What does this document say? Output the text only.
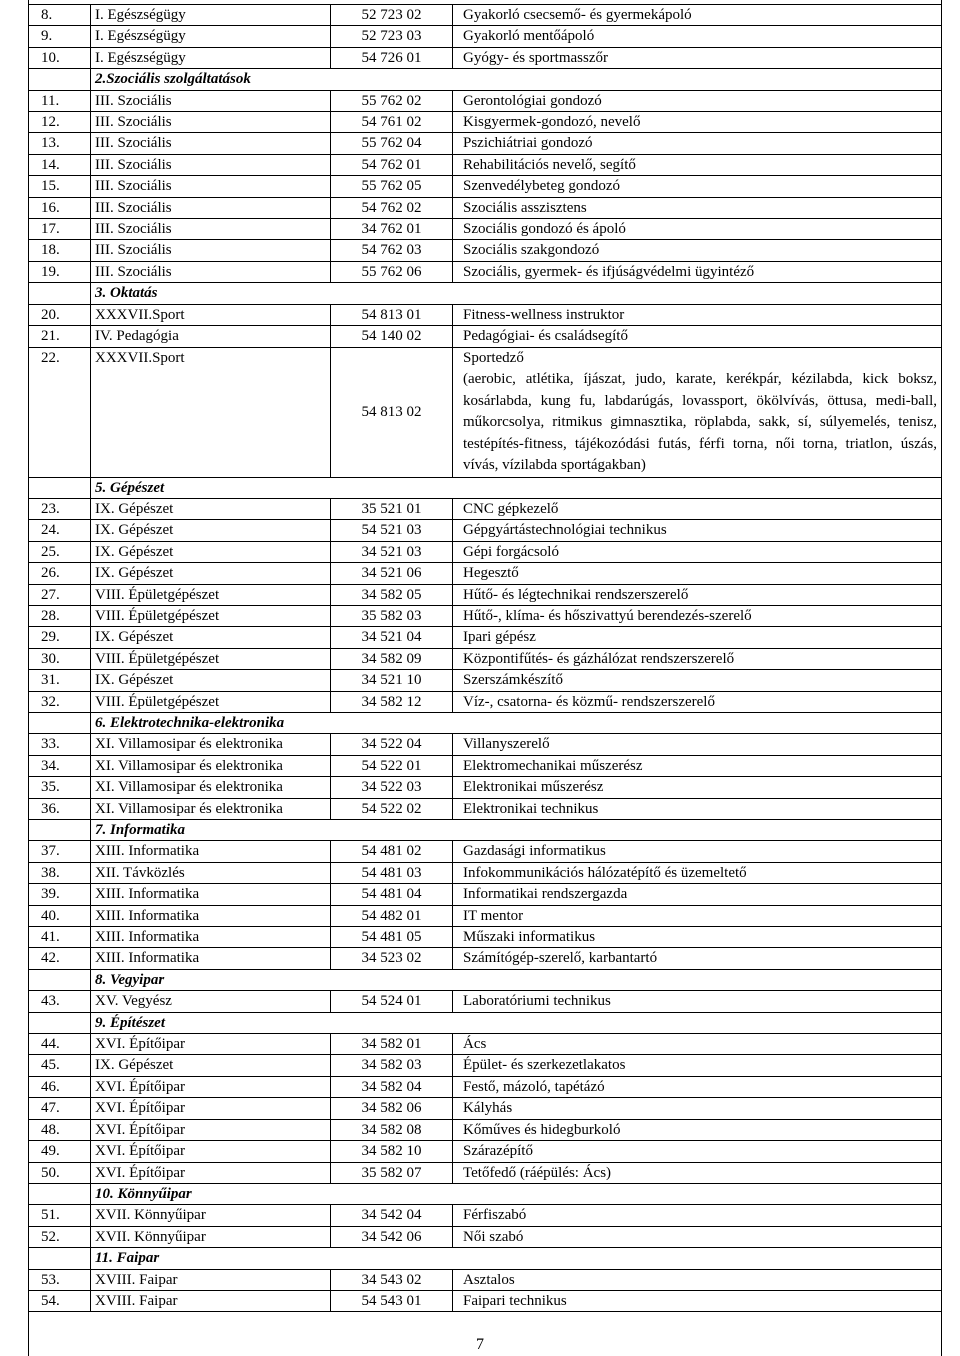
8.	I. Egészségügy	52 723 02	Gyakorló csecsemő- és gyermekápoló
9.	I. Egészségügy	52 723 03	Gyakorló mentőápoló
10.	I. Egészségügy	54 726 01	Gyógy- és sportmasszőr
	2.Szociális szolgáltatások		
11.	III. Szociális	55 762 02	Gerontológiai gondozó
12.	III. Szociális	54 761 02	Kisgyermek-gondozó, nevelő
13.	III. Szociális	55 762 04	Pszichiátriai gondozó
14.	III. Szociális	54 762 01	Rehabilitációs nevelő, segítő
15.	III. Szociális	55 762 05	Szenvedélybeteg gondozó
16.	III. Szociális	54 762 02	Szociális asszisztens
17.	III. Szociális	34 762 01	Szociális gondozó és ápoló
18.	III. Szociális	54 762 03	Szociális szakgondozó
19.	III. Szociális	55 762 06	Szociális, gyermek- és ifjúságvédelmi ügyintéző
	3. Oktatás		
20.	XXXVII.Sport	54 813 01	Fitness-wellness instruktor
21.	IV. Pedagógia	54 140 02	Pedagógiai- és családsegítő
22.	XXXVII.Sport	54 813 02	Sportedző
(aerobic, atlétika, íjászat, judo, karate, kerékpár, kézilabda, kick boksz, kosárlabda, kung fu, labdarúgás, lovassport, ökölvívás, öttusa, medi-ball, műkorcsolya, ritmikus gimnasztika, röplabda, sakk, sí, súlyemelés, tenisz, testépítés-fitness, tájékozódási futás, férfi torna, női torna, triatlon, úszás, vívás, vízilabda sportágakban)

	5. Gépészet		
23.	IX. Gépészet	35 521 01	CNC gépkezelő
24.	IX. Gépészet	54 521 03	Gépgyártástechnológiai technikus
25.	IX. Gépészet	34 521 03	Gépi forgácsoló
26.	IX. Gépészet	34 521 06	Hegesztő
27.	VIII. Épületgépészet	34 582 05	Hűtő- és légtechnikai rendszerszerelő
28.	VIII. Épületgépészet	35 582 03	Hűtő-, klíma- és hőszivattyú berendezés-szerelő
29.	IX. Gépészet	34 521 04	Ipari gépész
30.	VIII. Épületgépészet	34 582 09	Központifűtés- és gázhálózat rendszerszerelő
31.	IX. Gépészet	34 521 10	Szerszámkészítő
32.	VIII. Épületgépészet	34 582 12	Víz-, csatorna- és közmű- rendszerszerelő
	6. Elektrotechnika-elektronika		
33.	XI. Villamosipar és elektronika	34 522 04	Villanyszerelő
34.	XI. Villamosipar és elektronika	54 522 01	Elektromechanikai műszerész
35.	XI. Villamosipar és elektronika	34 522 03	Elektronikai műszerész
36.	XI. Villamosipar és elektronika	54 522 02	Elektronikai technikus
	7. Informatika		
37.	XIII. Informatika	54 481 02	Gazdasági informatikus
38.	XII. Távközlés	54 481 03	Infokommunikációs hálózatépítő és üzemeltető
39.	XIII. Informatika	54 481 04	Informatikai rendszergazda
40.	XIII. Informatika	54 482 01	IT mentor
41.	XIII. Informatika	54 481 05	Műszaki informatikus
42.	XIII. Informatika	34 523 02	Számítógép-szerelő, karbantartó
	8. Vegyipar		
43.	XV. Vegyész	54 524 01	Laboratóriumi technikus
	9. Építészet		
44.	XVI. Építőipar	34 582 01	Ács
45.	IX. Gépészet	34 582 03	Épület- és szerkezetlakatos
46.	XVI. Építőipar	34 582 04	Festő, mázoló, tapétázó
47.	XVI. Építőipar	34 582 06	Kályhás
48.	XVI. Építőipar	34 582 08	Kőműves és hidegburkoló
49.	XVI. Építőipar	34 582 10	Szárazépítő
50.	XVI. Építőipar	35 582 07	Tetőfedő (ráépülés: Ács)
	10. Könnyűipar		
51.	XVII. Könnyűipar	34 542 04	Férfiszabó
52.	XVII. Könnyűipar	34 542 06	Női szabó
	11. Faipar		
53.	XVIII. Faipar	34 543 02	Asztalos
54.	XVIII. Faipar	54 543 01	Faipari technikus
7
